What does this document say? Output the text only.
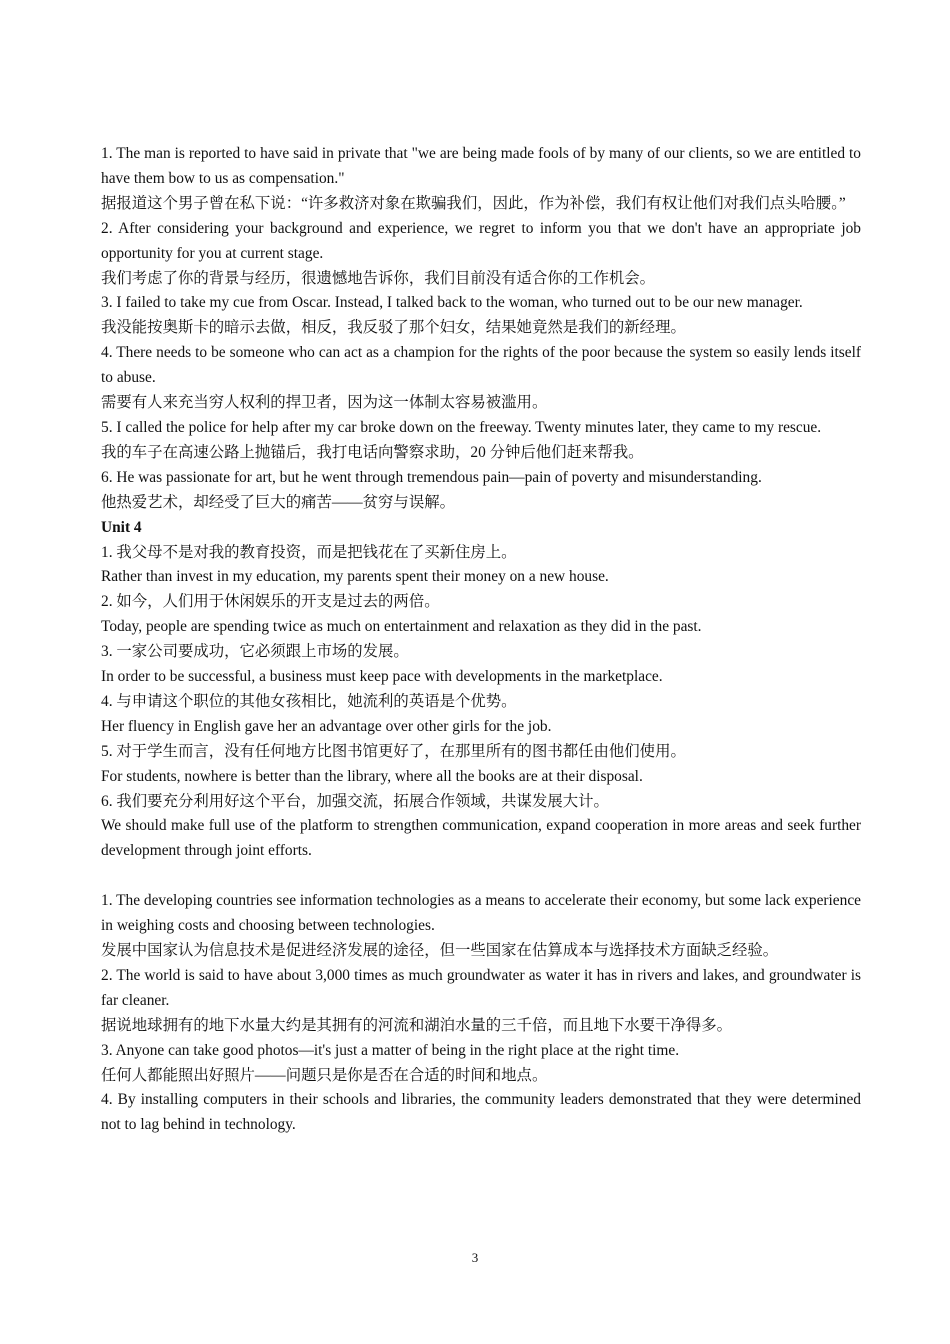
1. The man is reported to have said in private that "we are being made fools of by many of our clients, so we are entitled to have them bow to us as compensation."

据报道这个男子曾在私下说：“许多救济对象在欺骗我们，因此，作为补偿，我们有权让他们对我们点头哈腰。”

2. After considering your background and experience, we regret to inform you that we don't have an appropriate job opportunity for you at current stage.

我们考虑了你的背景与经历，很遗憾地告诉你，我们目前没有适合你的工作机会。

3. I failed to take my cue from Oscar. Instead, I talked back to the woman, who turned out to be our new manager.

我没能按奥斯卡的暗示去做，相反，我反驳了那个妇女，结果她竟然是我们的新经理。

4. There needs to be someone who can act as a champion for the rights of the poor because the system so easily lends itself to abuse.

需要有人来充当穷人权利的捍卫者，因为这一体制太容易被滥用。

5. I called the police for help after my car broke down on the freeway. Twenty minutes later, they came to my rescue.

我的车子在高速公路上抛锚后，我打电话向警察求助，20 分钟后他们赶来帮我。

6. He was passionate for art, but he went through tremendous pain—pain of poverty and misunderstanding.

他热爱艺术，却经受了巨大的痛苦——贫穷与误解。

Unit 4

1. 我父母不是对我的教育投资，而是把钱花在了买新住房上。

Rather than invest in my education, my parents spent their money on a new house.

2. 如今，人们用于休闲娱乐的开支是过去的两倍。

Today, people are spending twice as much on entertainment and relaxation as they did in the past.

3. 一家公司要成功，它必须跟上市场的发展。

In order to be successful, a business must keep pace with developments in the marketplace.

4. 与申请这个职位的其他女孩相比，她流利的英语是个优势。

Her fluency in English gave her an advantage over other girls for the job.

5. 对于学生而言，没有任何地方比图书馆更好了，在那里所有的图书都任由他们使用。

For students, nowhere is better than the library, where all the books are at their disposal.

6. 我们要充分利用好这个平台，加强交流，拓展合作领域，共谋发展大计。

We should make full use of the platform to strengthen communication, expand cooperation in more areas and seek further development through joint efforts.

1. The developing countries see information technologies as a means to accelerate their economy, but some lack experience in weighing costs and choosing between technologies.

发展中国家认为信息技术是促进经济发展的途径，但一些国家在估算成本与选择技术方面缺乏经验。

2. The world is said to have about 3,000 times as much groundwater as water it has in rivers and lakes, and groundwater is far cleaner.

据说地球拥有的地下水量大约是其拥有的河流和湖泊水量的三千倍，而且地下水要干净得多。

3. Anyone can take good photos—it's just a matter of being in the right place at the right time.

任何人都能照出好照片——问题只是你是否在合适的时间和地点。

4. By installing computers in their schools and libraries, the community leaders demonstrated that they were determined not to lag behind in technology.

3
